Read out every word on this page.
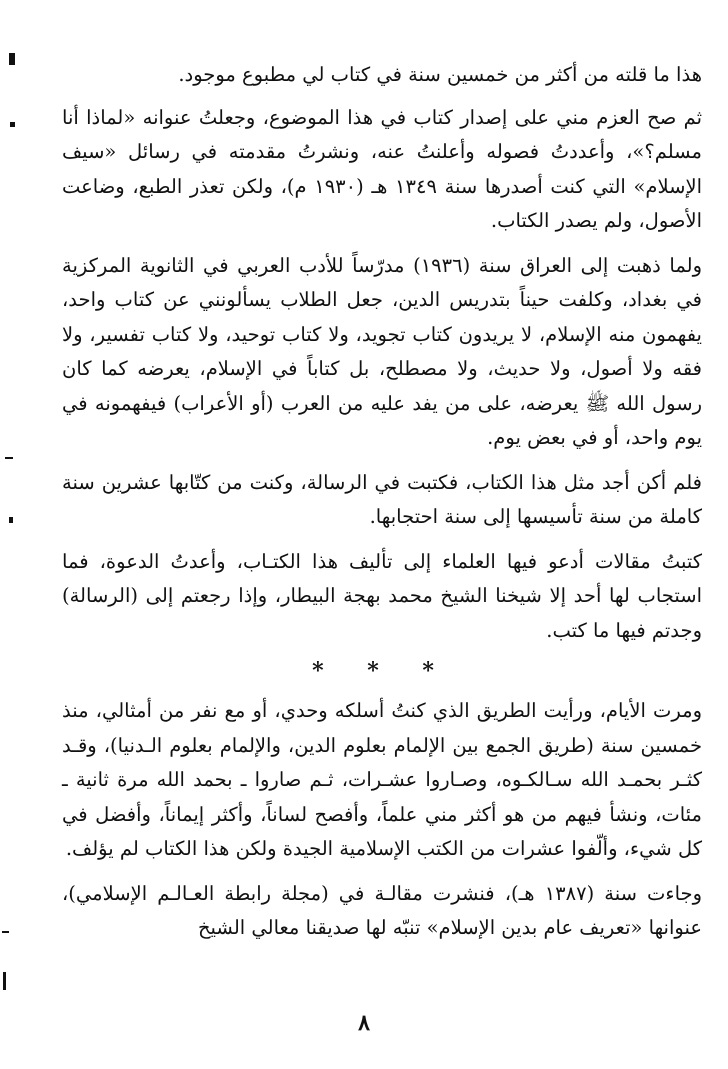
هذا ما قلته من أكثر من خمسين سنة في كتاب لي مطبوع موجود.

ثم صح العزم مني على إصدار كتاب في هذا الموضوع، وجعلتُ عنوانه «لماذا أنا مسلم؟»، وأعددتُ فصوله وأعلنتُ عنه، ونشرتُ مقدمته في رسائل «سيف الإسلام» التي كنت أصدرها سنة ١٣٤٩ هـ (١٩٣٠ م)، ولكن تعذر الطبع، وضاعت الأصول، ولم يصدر الكتاب.

ولما ذهبت إلى العراق سنة (١٩٣٦) مدرّساً للأدب العربي في الثانوية المركزية في بغداد، وكلفت حيناً بتدريس الدين، جعل الطلاب يسألونني عن كتاب واحد، يفهمون منه الإسلام، لا يريدون كتاب تجويد، ولا كتاب توحيد، ولا كتاب تفسير، ولا فقه ولا أصول، ولا حديث، ولا مصطلح، بل كتاباً في الإسلام، يعرضه كما كان رسول الله ﷺ يعرضه، على من يفد عليه من العرب (أو الأعراب) فيفهمونه في يوم واحد، أو في بعض يوم.

فلم أكن أجد مثل هذا الكتاب، فكتبت في الرسالة، وكنت من كتّابها عشرين سنة كاملة من سنة تأسيسها إلى سنة احتجابها.

كتبتُ مقالات أدعو فيها العلماء إلى تأليف هذا الكتـاب، وأعدتُ الدعوة، فما استجاب لها أحد إلا شيخنا الشيخ محمد بهجة البيطار، وإذا رجعتم إلى (الرسالة) وجدتم فيها ما كتب.

* * *

ومرت الأيام، ورأيت الطريق الذي كنتُ أسلكه وحدي، أو مع نفر من أمثالي، منذ خمسين سنة (طريق الجمع بين الإلمام بعلوم الدين، والإلمام بعلوم الـدنيا)، وقـد كثـر بحمـد الله سـالكـوه، وصـاروا عشـرات، ثـم صاروا ـ بحمد الله مرة ثانية ـ مئات، ونشأ فيهم من هو أكثر مني علماً، وأفصح لساناً، وأكثر إيماناً، وأفضل في كل شيء، وألّفوا عشرات من الكتب الإسلامية الجيدة ولكن هذا الكتاب لم يؤلف.

وجاءت سنة (١٣٨٧ هـ)، فنشرت مقالـة في (مجلة رابطة العـالـم الإسلامي)، عنوانها «تعريف عام بدين الإسلام» تنبّه لها صديقنا معالي الشيخ

٨
